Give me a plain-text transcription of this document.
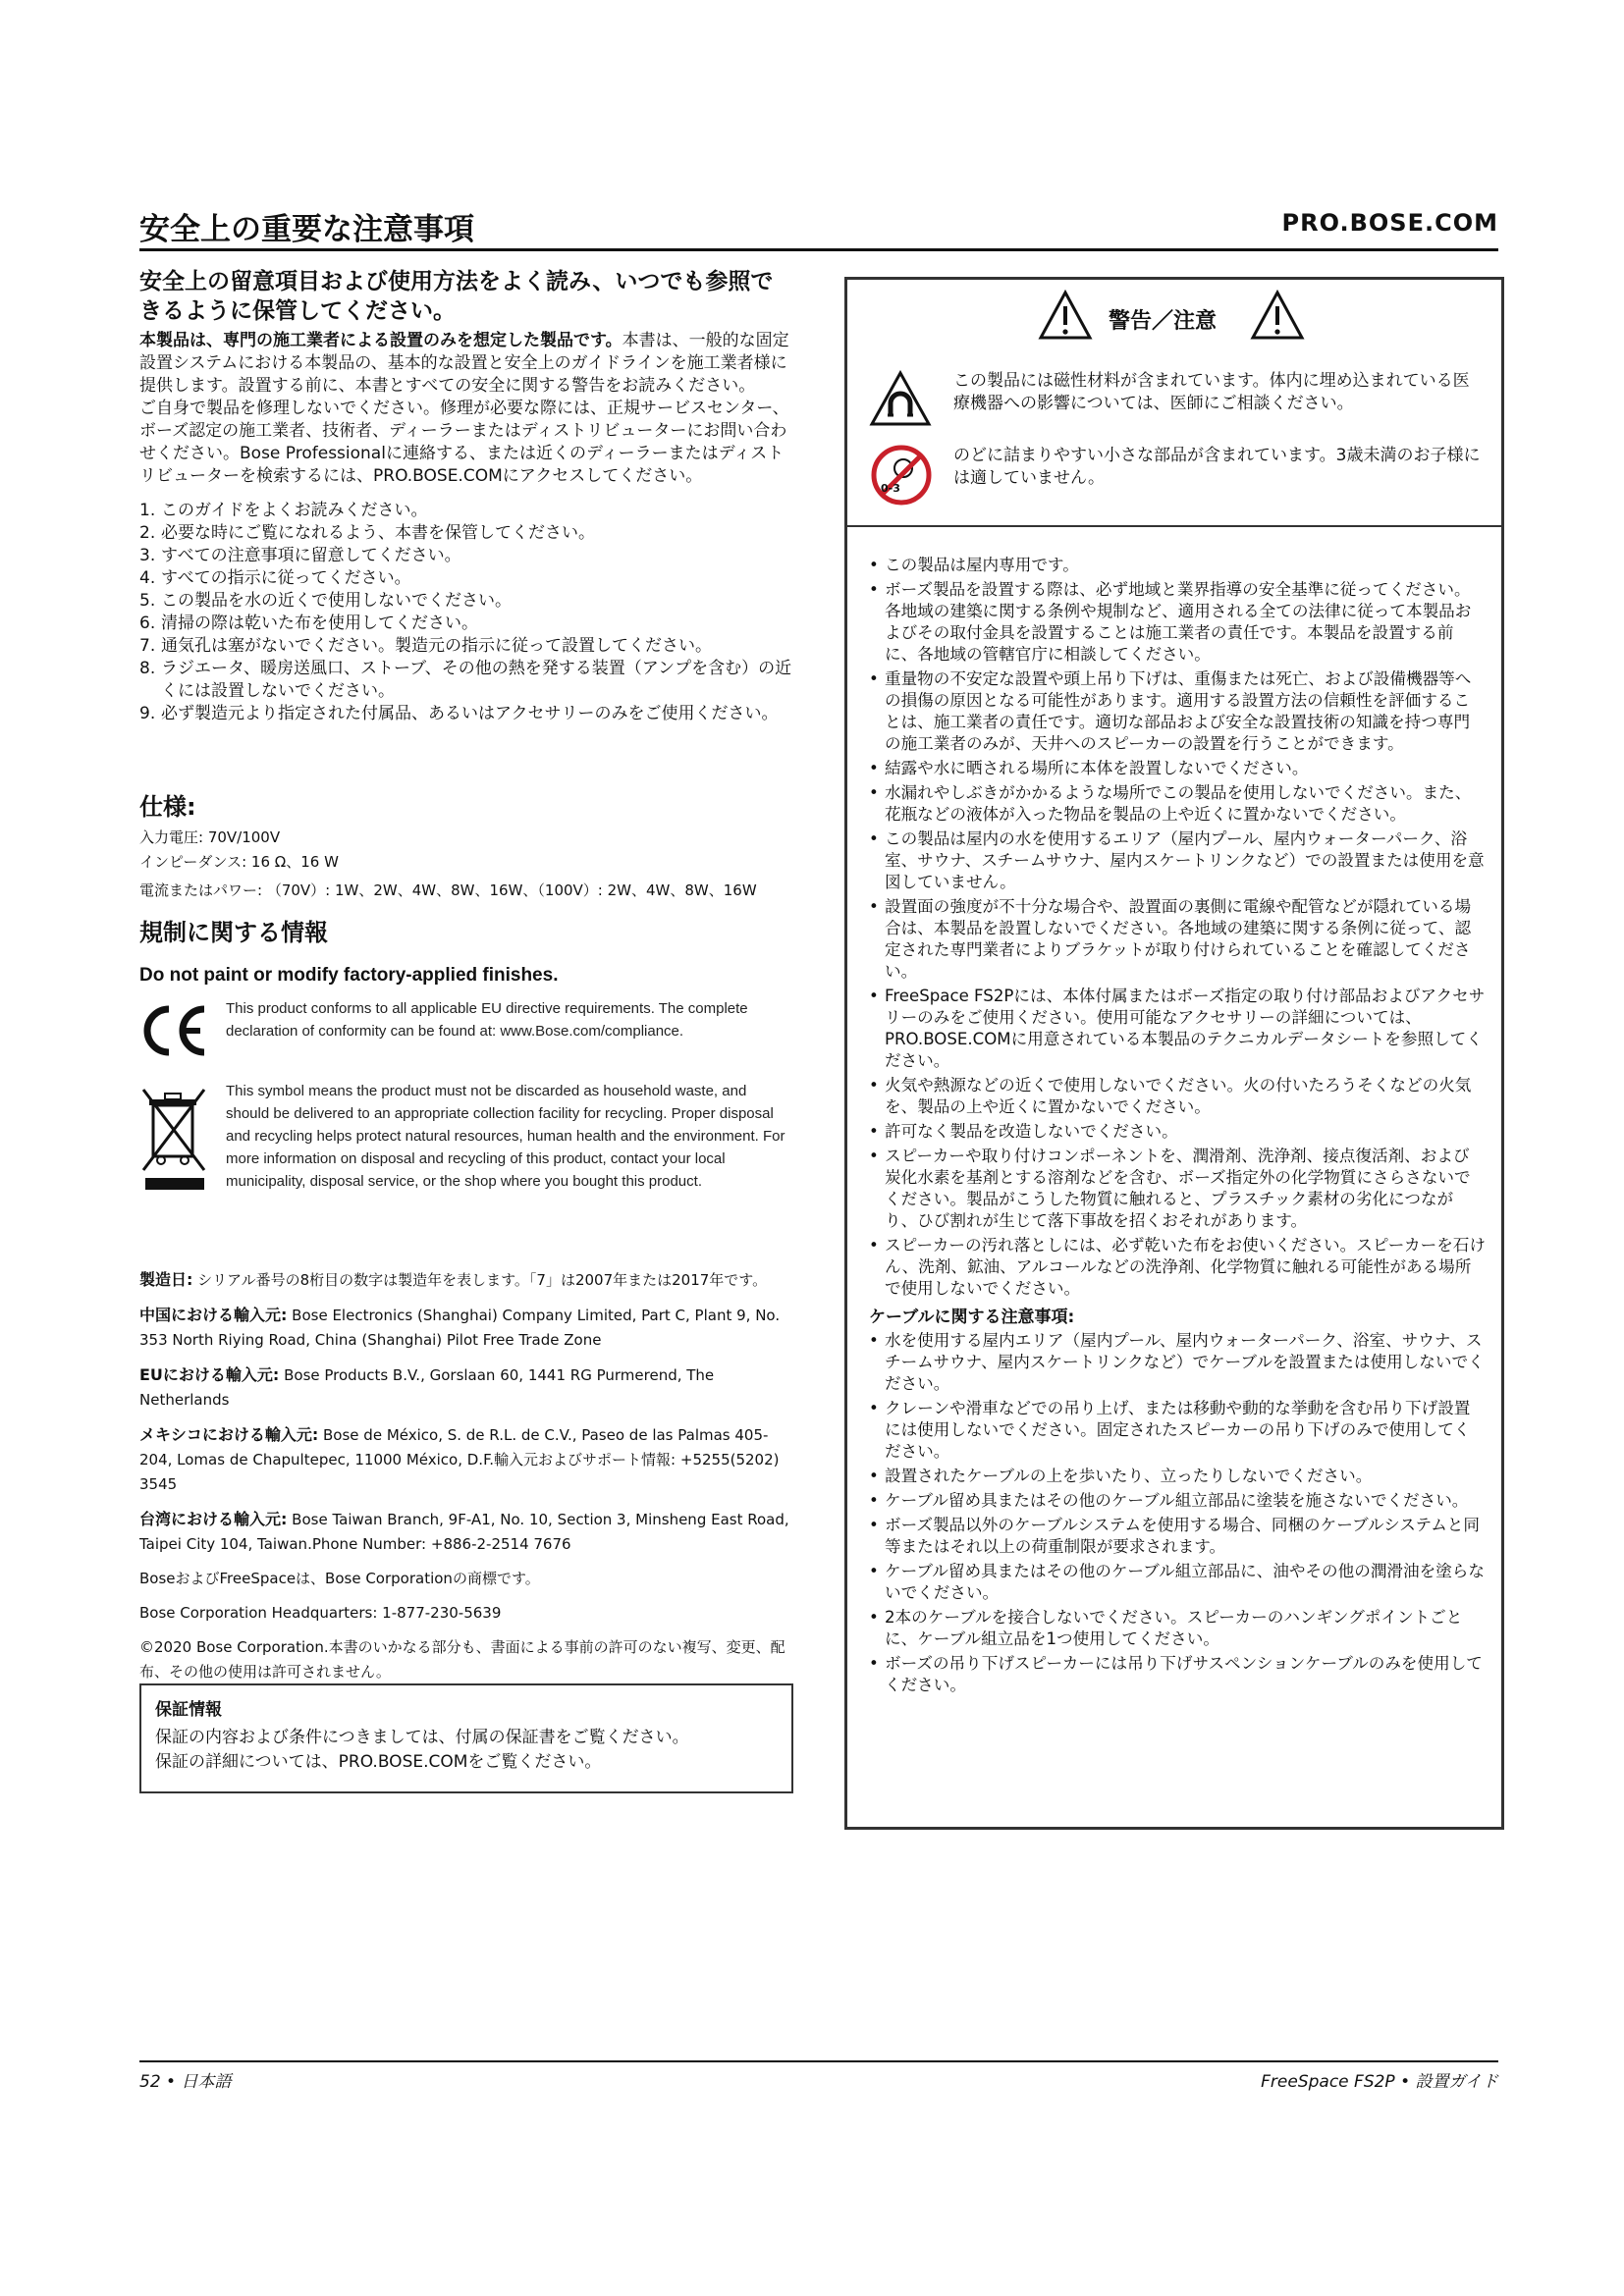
安全上の重要な注意事項	PRO.BOSE.COM

安全上の留意項目および使用方法をよく読み、いつでも参照できるように保管してください。

本製品は、専門の施工業者による設置のみを想定した製品です。本書は、一般的な固定設置システムにおける本製品の、基本的な設置と安全上のガイドラインを施工業者様に提供します。設置する前に、本書とすべての安全に関する警告をお読みください。
ご自身で製品を修理しないでください。修理が必要な際には、正規サービスセンター、ボーズ認定の施工業者、技術者、ディーラーまたはディストリビューターにお問い合わせください。Bose Professionalに連絡する、または近くのディーラーまたはディストリビューターを検索するには、PRO.BOSE.COMにアクセスしてください。
1. このガイドをよくお読みください。
2. 必要な時にご覧になれるよう、本書を保管してください。
3. すべての注意事項に留意してください。
4. すべての指示に従ってください。
5. この製品を水の近くで使用しないでください。
6. 清掃の際は乾いた布を使用してください。
7. 通気孔は塞がないでください。製造元の指示に従って設置してください。
8. ラジエータ、暖房送風口、ストーブ、その他の熱を発する装置（アンプを含む）の近くには設置しないでください。
9. 必ず製造元より指定された付属品、あるいはアクセサリーのみをご使用ください。
仕様:
入力電圧: 70V/100V
インピーダンス: 16 Ω、16 W
電流またはパワー: （70V）: 1W、2W、4W、8W、16W、（100V）: 2W、4W、8W、16W
規制に関する情報
Do not paint or modify factory-applied finishes.
This product conforms to all applicable EU directive requirements. The complete declaration of conformity can be found at: www.Bose.com/compliance.
This symbol means the product must not be discarded as household waste, and should be delivered to an appropriate collection facility for recycling. Proper disposal and recycling helps protect natural resources, human health and the environment. For more information on disposal and recycling of this product, contact your local municipality, disposal service, or the shop where you bought this product.

製造日: シリアル番号の8桁目の数字は製造年を表します。「7」は2007年または2017年です。

中国における輸入元: Bose Electronics (Shanghai) Company Limited, Part C, Plant 9, No. 353 North Riying Road, China (Shanghai) Pilot Free Trade Zone

EUにおける輸入元: Bose Products B.V., Gorslaan 60, 1441 RG Purmerend, The Netherlands

メキシコにおける輸入元: Bose de México, S. de R.L. de C.V., Paseo de las Palmas 405-204, Lomas de Chapultepec, 11000 México, D.F.輸入元およびサポート情報: +5255(5202) 3545

台湾における輸入元: Bose Taiwan Branch, 9F-A1, No. 10, Section 3, Minsheng East Road, Taipei City 104, Taiwan.Phone Number: +886-2-2514 7676

BoseおよびFreeSpaceは、Bose Corporationの商標です。

Bose Corporation Headquarters: 1-877-230-5639

©2020 Bose Corporation.本書のいかなる部分も、書面による事前の許可のない複写、変更、配布、その他の使用は許可されません。

保証情報
保証の内容および条件につきましては、付属の保証書をご覧ください。
保証の詳細については、PRO.BOSE.COMをご覧ください。
警告／注意
この製品には磁性材料が含まれています。体内に埋め込まれている医療機器への影響については、医師にご相談ください。
0-3
のどに詰まりやすい小さな部品が含まれています。3歳未満のお子様には適していません。
• この製品は屋内専用です。
• ボーズ製品を設置する際は、必ず地域と業界指導の安全基準に従ってください。各地域の建築に関する条例や規制など、適用される全ての法律に従って本製品およびその取付金具を設置することは施工業者の責任です。本製品を設置する前に、各地域の管轄官庁に相談してください。
• 重量物の不安定な設置や頭上吊り下げは、重傷または死亡、および設備機器等への損傷の原因となる可能性があります。適用する設置方法の信頼性を評価することは、施工業者の責任です。適切な部品および安全な設置技術の知識を持つ専門の施工業者のみが、天井へのスピーカーの設置を行うことができます。
• 結露や水に晒される場所に本体を設置しないでください。
• 水漏れやしぶきがかかるような場所でこの製品を使用しないでください。また、花瓶などの液体が入った物品を製品の上や近くに置かないでください。
• この製品は屋内の水を使用するエリア（屋内プール、屋内ウォーターパーク、浴室、サウナ、スチームサウナ、屋内スケートリンクなど）での設置または使用を意図していません。
• 設置面の強度が不十分な場合や、設置面の裏側に電線や配管などが隠れている場合は、本製品を設置しないでください。各地域の建築に関する条例に従って、認定された専門業者によりブラケットが取り付けられていることを確認してください。
• FreeSpace FS2Pには、本体付属またはボーズ指定の取り付け部品およびアクセサリーのみをご使用ください。使用可能なアクセサリーの詳細については、PRO.BOSE.COMに用意されている本製品のテクニカルデータシートを参照してください。
• 火気や熱源などの近くで使用しないでください。火の付いたろうそくなどの火気を、製品の上や近くに置かないでください。
• 許可なく製品を改造しないでください。
• スピーカーや取り付けコンポーネントを、潤滑剤、洗浄剤、接点復活剤、および炭化水素を基剤とする溶剤などを含む、ボーズ指定外の化学物質にさらさないでください。製品がこうした物質に触れると、プラスチック素材の劣化につながり、ひび割れが生じて落下事故を招くおそれがあります。
• スピーカーの汚れ落としには、必ず乾いた布をお使いください。スピーカーを石けん、洗剤、鉱油、アルコールなどの洗浄剤、化学物質に触れる可能性がある場所で使用しないでください。
ケーブルに関する注意事項:
• 水を使用する屋内エリア（屋内プール、屋内ウォーターパーク、浴室、サウナ、スチームサウナ、屋内スケートリンクなど）でケーブルを設置または使用しないでください。
• クレーンや滑車などでの吊り上げ、または移動や動的な挙動を含む吊り下げ設置には使用しないでください。固定されたスピーカーの吊り下げのみで使用してください。
• 設置されたケーブルの上を歩いたり、立ったりしないでください。
• ケーブル留め具またはその他のケーブル組立部品に塗装を施さないでください。
• ボーズ製品以外のケーブルシステムを使用する場合、同梱のケーブルシステムと同等またはそれ以上の荷重制限が要求されます。
• ケーブル留め具またはその他のケーブル組立部品に、油やその他の潤滑油を塗らないでください。
• 2本のケーブルを接合しないでください。スピーカーのハンギングポイントごとに、ケーブル組立品を1つ使用してください。
• ボーズの吊り下げスピーカーには吊り下げサスペンションケーブルのみを使用してください。
52 • 日本語	FreeSpace FS2P • 設置ガイド
